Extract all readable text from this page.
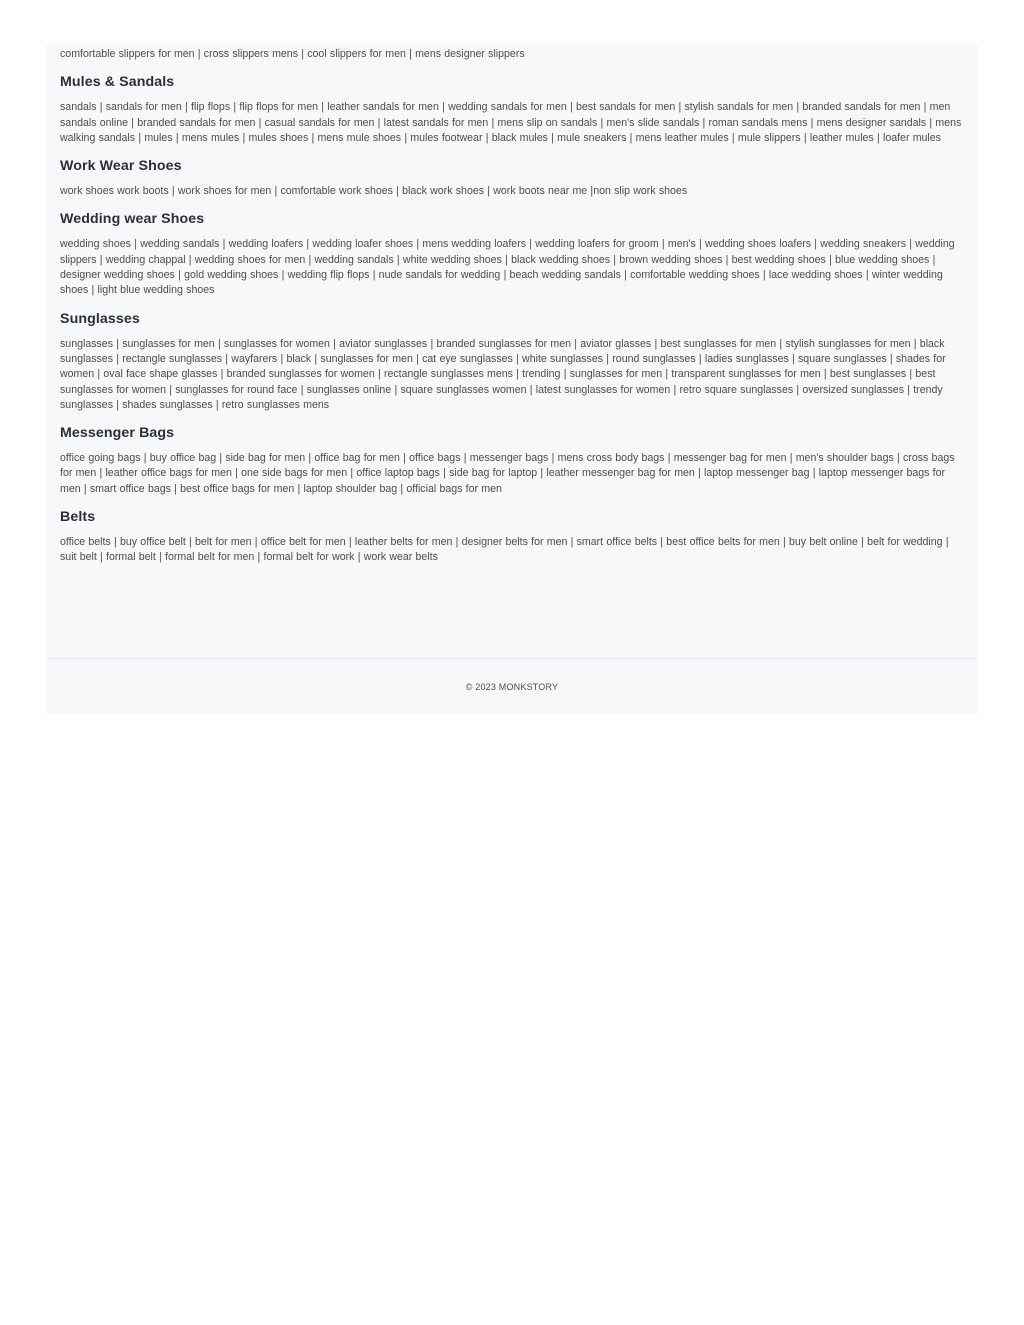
comfortable slippers for men | cross slippers mens | cool slippers for men | mens designer slippers

Mules & Sandals

sandals | sandals for men | flip flops | flip flops for men | leather sandals for men | wedding sandals for men | best sandals for men | stylish sandals for men | branded sandals for men | men sandals online | branded sandals for men | casual sandals for men | latest sandals for men | mens slip on sandals | men's slide sandals | roman sandals mens | mens designer sandals | mens walking sandals | mules | mens mules | mules shoes | mens mule shoes | mules footwear | black mules | mule sneakers | mens leather mules | mule slippers | leather mules | loafer mules

Work Wear Shoes

work shoes work boots | work shoes for men | comfortable work shoes | black work shoes | work boots near me |non slip work shoes

Wedding wear Shoes

wedding shoes | wedding sandals | wedding loafers | wedding loafer shoes | mens wedding loafers | wedding loafers for groom | men's | wedding shoes loafers | wedding sneakers | wedding slippers | wedding chappal | wedding shoes for men | wedding sandals | white wedding shoes | black wedding shoes | brown wedding shoes | best wedding shoes | blue wedding shoes | designer wedding shoes | gold wedding shoes | wedding flip flops | nude sandals for wedding | beach wedding sandals | comfortable wedding shoes | lace wedding shoes | winter wedding shoes | light blue wedding shoes

Sunglasses

sunglasses | sunglasses for men | sunglasses for women | aviator sunglasses | branded sunglasses for men | aviator glasses | best sunglasses for men | stylish sunglasses for men | black sunglasses | rectangle sunglasses | wayfarers | black | sunglasses for men | cat eye sunglasses | white sunglasses | round sunglasses | ladies sunglasses | square sunglasses | shades for women | oval face shape glasses | branded sunglasses for women | rectangle sunglasses mens | trending | sunglasses for men | transparent sunglasses for men | best sunglasses | best sunglasses for women | sunglasses for round face | sunglasses online | square sunglasses women | latest sunglasses for women | retro square sunglasses | oversized sunglasses | trendy sunglasses | shades sunglasses | retro sunglasses mens

Messenger Bags

office going bags | buy office bag | side bag for men | office bag for men | office bags | messenger bags | mens cross body bags | messenger bag for men | men's shoulder bags | cross bags for men | leather office bags for men | one side bags for men | office laptop bags | side bag for laptop | leather messenger bag for men | laptop messenger bag | laptop messenger bags for men | smart office bags | best office bags for men | laptop shoulder bag | official bags for men

Belts

office belts | buy office belt | belt for men | office belt for men | leather belts for men | designer belts for men | smart office belts | best office belts for men | buy belt online | belt for wedding | suit belt | formal belt | formal belt for men | formal belt for work | work wear belts

© 2023 MONKSTORY
